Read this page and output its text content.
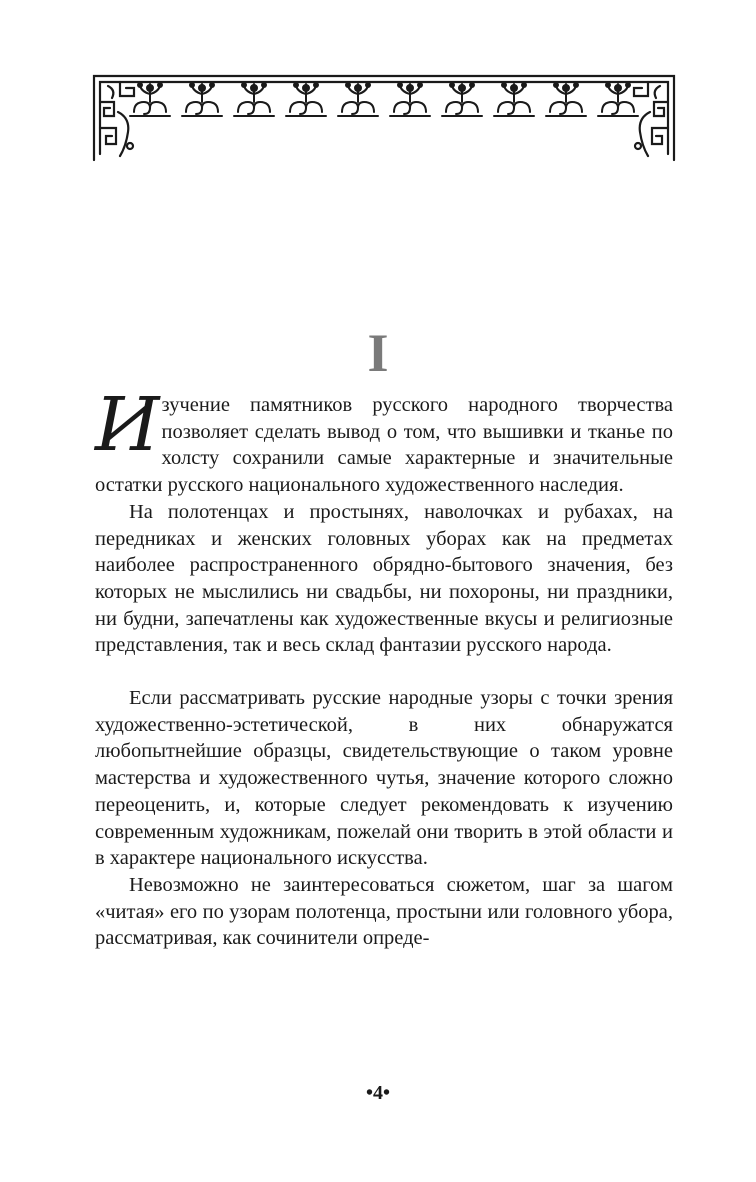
I

Изучение памятников русского народного творчества позволяет сделать вывод о том, что вышивки и тканье по холсту сохранили самые характерные и значительные остатки русского национального художественного наследия.

На полотенцах и простынях, наволочках и рубахах, на передниках и женских головных уборах как на предметах наиболее распространенного обрядно-бытового значения, без которых не мыслились ни свадьбы, ни похороны, ни праздники, ни будни, запечатлены как художественные вкусы и религиозные представления, так и весь склад фантазии русского народа.

Если рассматривать русские народные узоры с точки зрения художественно-эстетической, в них обнаружатся любопытнейшие образцы, свидетельствующие о таком уровне мастерства и художественного чутья, значение которого сложно переоценить, и, которые следует рекомендовать к изучению современным художникам, пожелай они творить в этой области и в характере национального искусства.

Невозможно не заинтересоваться сюжетом, шаг за шагом «читая» его по узорам полотенца, простыни или головного убора, рассматривая, как сочинители опреде-

•4•
